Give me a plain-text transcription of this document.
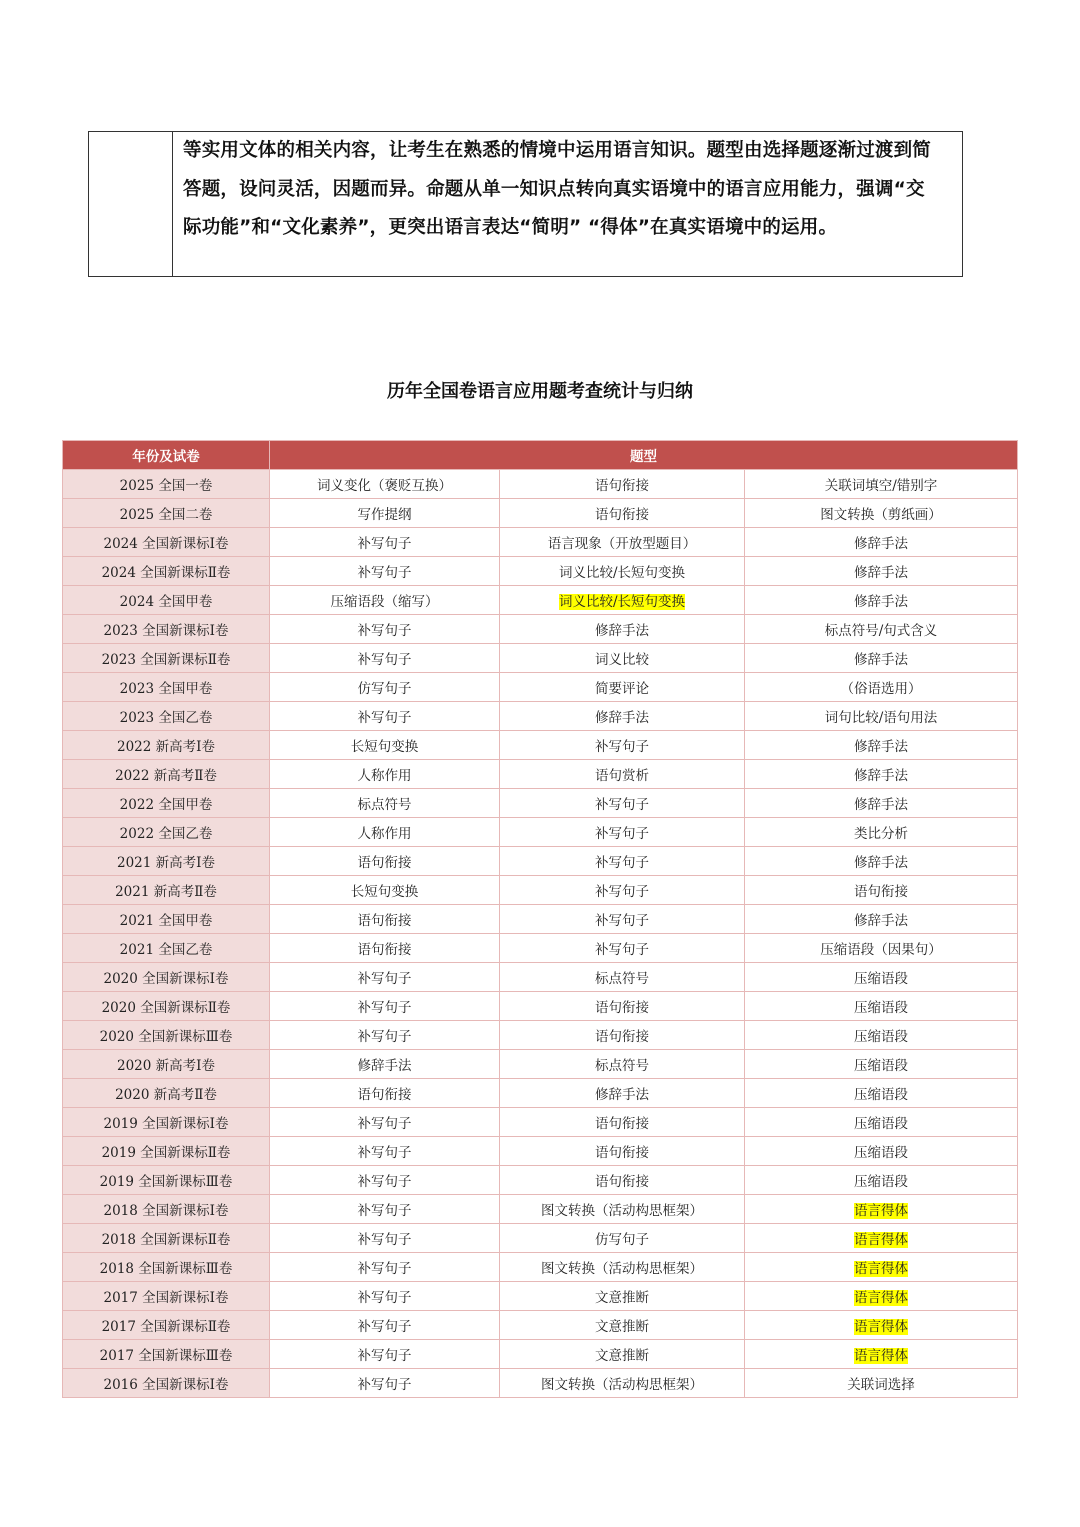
等实用文体的相关内容，让考生在熟悉的情境中运用语言知识。题型由选择题逐渐过渡到简

答题，设问灵活，因题而异。命题从单一知识点转向真实语境中的语言应用能力，强调“交

际功能”和“文化素养”，更突出语言表达“简明” “得体”在真实语境中的运用。

历年全国卷语言应用题考查统计与归纳
年份及试卷	题型		
2025 全国一卷	词义变化（褒贬互换）	语句衔接	关联词填空/错别字
2025 全国二卷	写作提纲	语句衔接	图文转换（剪纸画）
2024 全国新课标Ⅰ卷	补写句子	语言现象（开放型题目）	修辞手法
2024 全国新课标Ⅱ卷	补写句子	词义比较/长短句变换	修辞手法
2024 全国甲卷	压缩语段（缩写）	词义比较/长短句变换	修辞手法
2023 全国新课标Ⅰ卷	补写句子	修辞手法	标点符号/句式含义
2023 全国新课标Ⅱ卷	补写句子	词义比较	修辞手法
2023 全国甲卷	仿写句子	简要评论	（俗语选用）
2023 全国乙卷	补写句子	修辞手法	词句比较/语句用法
2022 新高考Ⅰ卷	长短句变换	补写句子	修辞手法
2022 新高考Ⅱ卷	人称作用	语句赏析	修辞手法
2022 全国甲卷	标点符号	补写句子	修辞手法
2022 全国乙卷	人称作用	补写句子	类比分析
2021 新高考Ⅰ卷	语句衔接	补写句子	修辞手法
2021 新高考Ⅱ卷	长短句变换	补写句子	语句衔接
2021 全国甲卷	语句衔接	补写句子	修辞手法
2021 全国乙卷	语句衔接	补写句子	压缩语段（因果句）
2020 全国新课标Ⅰ卷	补写句子	标点符号	压缩语段
2020 全国新课标Ⅱ卷	补写句子	语句衔接	压缩语段
2020 全国新课标Ⅲ卷	补写句子	语句衔接	压缩语段
2020 新高考Ⅰ卷	修辞手法	标点符号	压缩语段
2020 新高考Ⅱ卷	语句衔接	修辞手法	压缩语段
2019 全国新课标Ⅰ卷	补写句子	语句衔接	压缩语段
2019 全国新课标Ⅱ卷	补写句子	语句衔接	压缩语段
2019 全国新课标Ⅲ卷	补写句子	语句衔接	压缩语段
2018 全国新课标Ⅰ卷	补写句子	图文转换（活动构思框架）	语言得体
2018 全国新课标Ⅱ卷	补写句子	仿写句子	语言得体
2018 全国新课标Ⅲ卷	补写句子	图文转换（活动构思框架）	语言得体
2017 全国新课标Ⅰ卷	补写句子	文意推断	语言得体
2017 全国新课标Ⅱ卷	补写句子	文意推断	语言得体
2017 全国新课标Ⅲ卷	补写句子	文意推断	语言得体
2016 全国新课标Ⅰ卷	补写句子	图文转换（活动构思框架）	关联词选择
